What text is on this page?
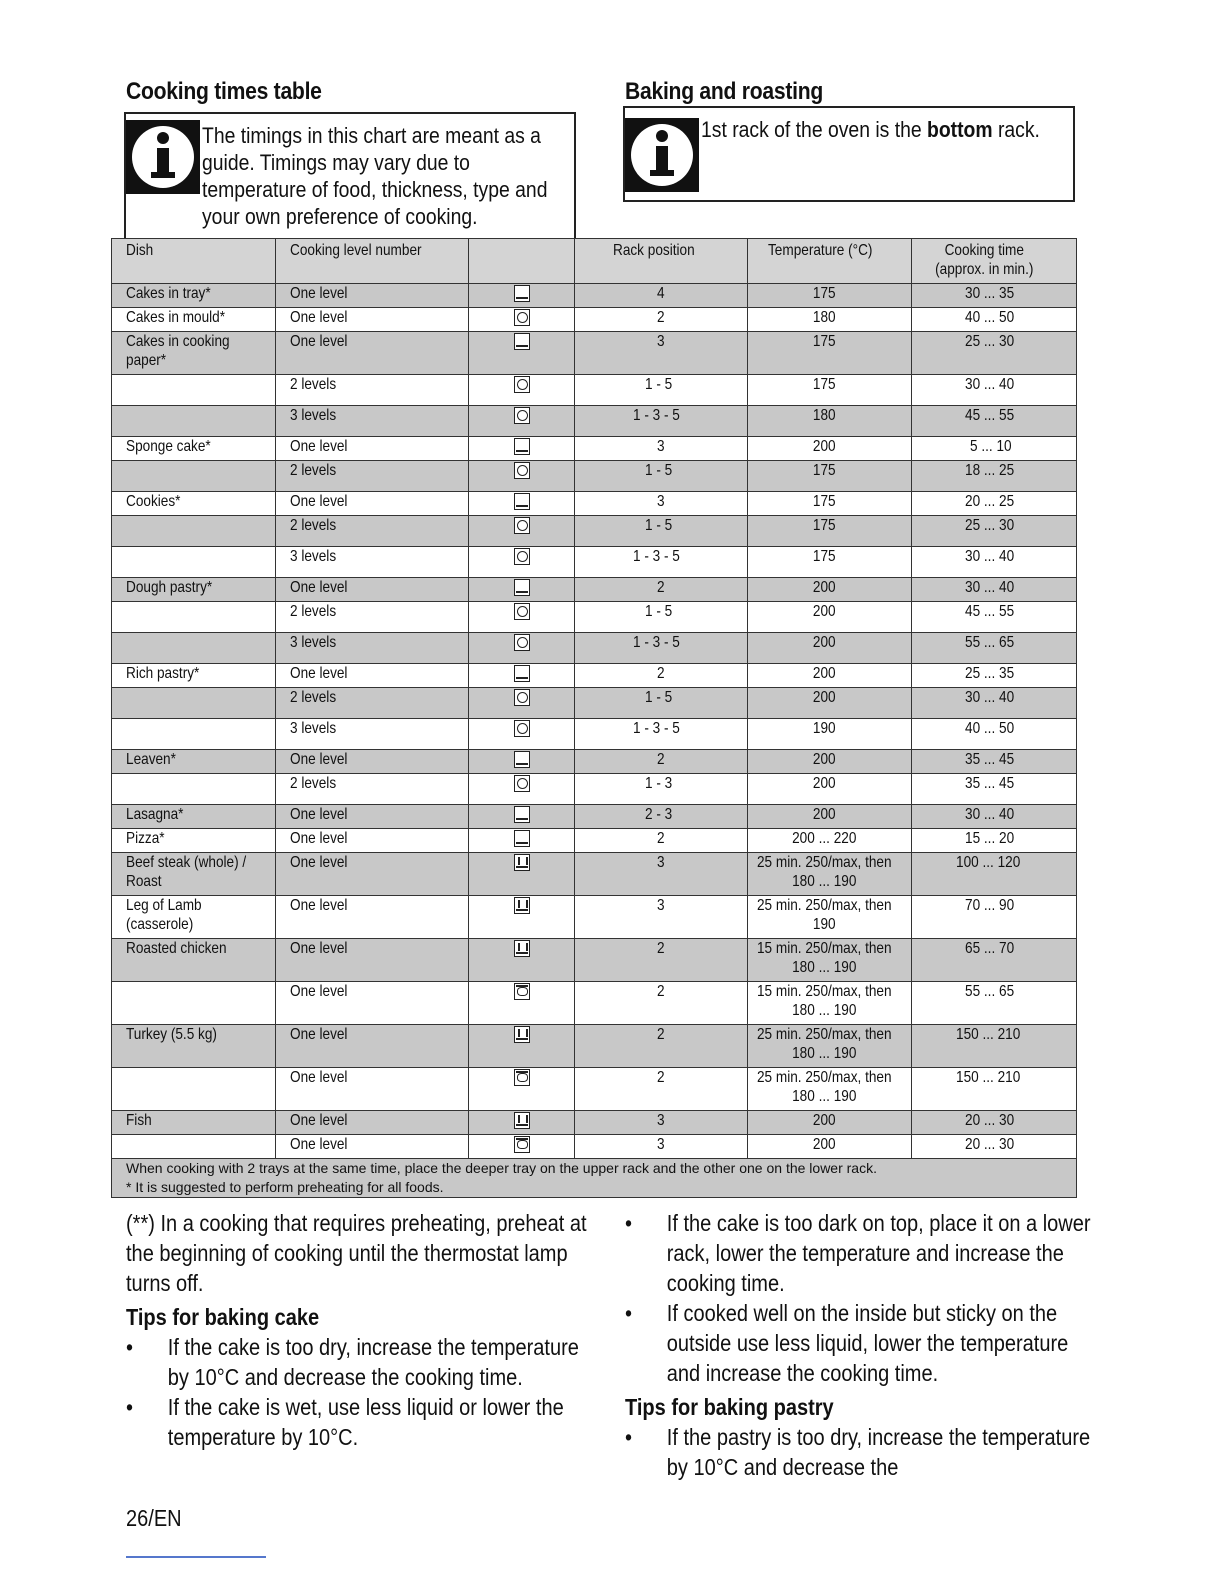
Cooking times table	Baking and roasting
The timings in this chart are meant as a guide. Timings may vary due to temperature of food, thickness, type and your own preference of cooking.
1st rack of the oven is the bottom rack.
Dish	Cooking level number		Rack position	Temperature (°C)	Cooking time (approx. in min.)
Cakes in tray*	One level		4	175	30 ... 35
Cakes in mould*	One level		2	180	40 ... 50
Cakes in cooking paper*	One level		3	175	25 ... 30
	2 levels		1 - 5	175	30 ... 40
	3 levels		1 - 3 - 5	180	45 ... 55
Sponge cake*	One level		3	200	5 ... 10
	2 levels		1 - 5	175	18 ... 25
Cookies*	One level		3	175	20 ... 25
	2 levels		1 - 5	175	25 ... 30
	3 levels		1 - 3 - 5	175	30 ... 40
Dough pastry*	One level		2	200	30 ... 40
	2 levels		1 - 5	200	45 ... 55
	3 levels		1 - 3 - 5	200	55 ... 65
Rich pastry*	One level		2	200	25 ... 35
	2 levels		1 - 5	200	30 ... 40
	3 levels		1 - 3 - 5	190	40 ... 50
Leaven*	One level		2	200	35 ... 45
	2 levels		1 - 3	200	35 ... 45
Lasagna*	One level		2 - 3	200	30 ... 40
Pizza*	One level		2	200 ... 220	15 ... 20
Beef steak (whole) / Roast	One level		3	25 min. 250/max, then 180 ... 190	100 ... 120
Leg of Lamb (casserole)	One level		3	25 min. 250/max, then 190	70 ... 90
Roasted chicken	One level		2	15 min. 250/max, then 180 ... 190	65 ... 70
	One level		2	15 min. 250/max, then 180 ... 190	55 ... 65
Turkey (5.5 kg)	One level		2	25 min. 250/max, then 180 ... 190	150 ... 210
	One level		2	25 min. 250/max, then 180 ... 190	150 ... 210
Fish	One level		3	200	20 ... 30
	One level		3	200	20 ... 30

When cooking with 2 trays at the same time, place the deeper tray on the upper rack and the other one on the lower rack.
* It is suggested to perform preheating for all foods.					

(**) In a cooking that requires preheating, preheat at the beginning of cooking until the thermostat lamp turns off.

Tips for baking cake

• If the cake is too dry, increase the temperature by 10°C and decrease the cooking time.

• If the cake is wet, use less liquid or lower the temperature by 10°C.

• If the cake is too dark on top, place it on a lower rack, lower the temperature and increase the cooking time.

• If cooked well on the inside but sticky on the outside use less liquid, lower the temperature and increase the cooking time.

Tips for baking pastry

• If the pastry is too dry, increase the temperature by 10°C and decrease the

26/EN
